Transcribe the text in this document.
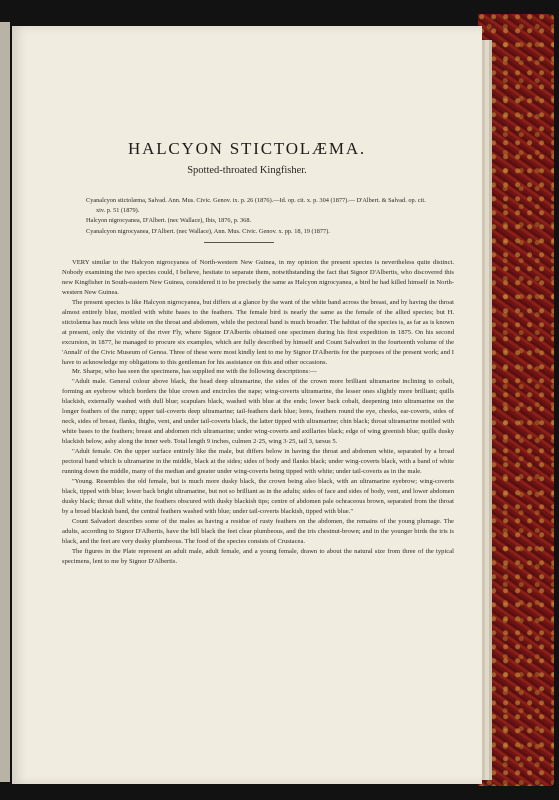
HALCYON STICTOLÆMA.
Spotted-throated Kingfisher.

Cyanalcyon stictolæma, Salvad. Ann. Mus. Civic. Genov. ix. p. 26 (1876).—Id. op. cit. x. p. 304 (1877).— D'Albert. & Salvad. op. cit. xiv. p. 51 (1879).

Halcyon nigrocyanea, D'Albert. (nec Wallace), Ibis, 1876, p. 368.

Cyanalcyon nigrocyanea, D'Albert. (nec Wallace), Ann. Mus. Civic. Genov. x. pp. 18, 19 (1877).

VERY similar to the Halcyon nigrocyanea of North-western New Guinea, in my opinion the present species is nevertheless quite distinct. Nobody examining the two species could, I believe, hesitate to separate them, notwithstanding the fact that Signor D'Albertis, who discovered this new Kingfisher in South-eastern New Guinea, considered it to be precisely the same as Halcyon nigrocyanea, a bird he had killed himself in North-western New Guinea.

The present species is like Halcyon nigrocyanea, but differs at a glance by the want of the white band across the breast, and by having the throat almost entirely blue, mottled with white bases to the feathers. The female bird is nearly the same as the female of the allied species; but H. stictolæma has much less white on the throat and abdomen, while the pectoral band is much broader. The habitat of the species is, as far as is known at present, only the vicinity of the river Fly, where Signor D'Albertis obtained one specimen during his first expedition in 1875. On his second excursion, in 1877, he managed to procure six examples, which are fully described by himself and Count Salvadori in the fourteenth volume of the 'Annali' of the Civic Museum of Genoa. Three of these were most kindly lent to me by Signor D'Albertis for the purposes of the present work; and I have to acknowledge my obligations to this gentleman for his assistance on this and other occasions.

Mr. Sharpe, who has seen the specimens, has supplied me with the following descriptions:—

"Adult male. General colour above black, the head deep ultramarine, the sides of the crown more brilliant ultramarine inclining to cobalt, forming an eyebrow which borders the blue crown and encircles the nape; wing-coverts ultramarine, the lesser ones slightly more brilliant; quills blackish, externally washed with dull blue; scapulars black, washed with blue at the ends; lower back cobalt, deepening into ultramarine on the longer feathers of the rump; upper tail-coverts deep ultramarine; tail-feathers dark blue; lores, feathers round the eye, cheeks, ear-coverts, sides of neck, sides of breast, flanks, thighs, vent, and under tail-coverts black, the latter tipped with ultramarine; chin black; throat ultramarine mottled with white bases to the feathers; breast and abdomen rich ultramarine; under wing-coverts and axillaries black; edge of wing greenish blue; quills dusky blackish below, ashy along the inner web. Total length 9 inches, culmen 2·25, wing 3·25, tail 3, tarsus 5.

"Adult female. On the upper surface entirely like the male, but differs below in having the throat and abdomen white, separated by a broad pectoral band which is ultramarine in the middle, black at the sides; sides of body and flanks black; under wing-coverts black, with a band of white running down the middle, many of the median and greater under wing-coverts being tipped with white; under tail-coverts as in the male.

"Young. Resembles the old female, but is much more dusky black, the crown being also black, with an ultramarine eyebrow; wing-coverts black, tipped with blue; lower back bright ultramarine, but not so brilliant as in the adults; sides of face and sides of body, vent, and lower abdomen dusky black; throat dull white, the feathers obscured with dusky blackish tips; centre of abdomen pale ochraceous brown, separated from the throat by a broad blackish band, the central feathers washed with blue; under tail-coverts blackish, tipped with blue."

Count Salvadori describes some of the males as having a residue of rusty feathers on the abdomen, the remains of the young plumage. The adults, according to Signor D'Albertis, have the bill black the feet clear plumbeous, and the iris chestnut-brown; and in the younger birds the iris is black, and the feet are very dusky plumbeous. The food of the species consists of Crustacea.

The figures in the Plate represent an adult male, adult female, and a young female, drawn to about the natural size from three of the typical specimens, lent to me by Signor D'Albertis.
